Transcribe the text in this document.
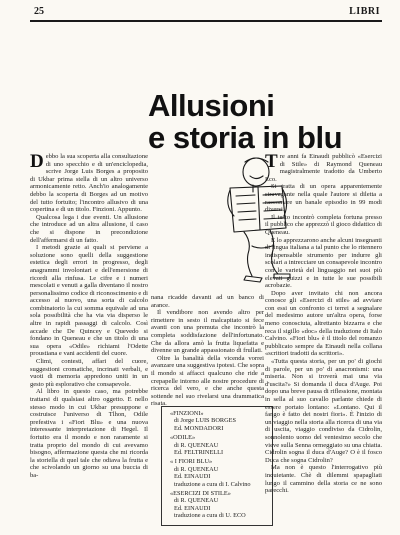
25	LIBRI
Allusioni
e storia in blu

Debbo la sua scoperta alla consultazione di uno specchio e di un'enciclopedia, scrive Jorge Luis Borges a proposito di Ukbar prima stella di un altro universo armonicamente retto. Anch'io analogamente debbo la scoperta di Borges ad un motivo del tutto fortuito; l'incontro allusivo di una copertina e di un titolo. Finzioni. Appunto.

Qualcosa lega i due eventi. Un allusione che introduce ad un altra allusione, il caso che si dispone in precondizione dell'affermarsi di un fatto.

I metodi grazie ai quali si perviene a soluzione sono quelli della suggestione estetica degli errori in progresso, degli anagrammi involontari e dell'emersione di ricordi alla rinfusa. Le cifre e i numeri mescolati e venuti a galla diventano il nostro personalissimo codice di riconoscimento e di accesso al nuovo, una sorta di calcolo combinatorio la cui somma equivale ad una sola possibilità che ha via via disperso le altre in rapidi passaggi di calcolo. Così accade che De Quincey e Quevedo si fondano in Queneau e che un titolo di una sua opera «Odile» richiami l'Odette proustiana e vani accidenti del cuore.

Climi, contesti, affari del cuore, suggestioni cromatiche, incrinati verbali, e vuoti di memoria appredono uniti in un gesto più esplorativo che consapevole.

Al libro in questo caso, ma potrebbe trattarsi di qualsiasi altro oggetto. E nello stesso modo in cui Ukbar presuppone e costruisce l'universo di Tlhon, Odile prefestiva i «Fiori Blu» e una nuova interessante interpretazione di Hegel. Il fortuito era il mondo e non raramente si tratta proprio del mondo di cui avevamo bisogno, affermazione questa che mi ricorda la storiella di quel tale che odiava la frutta e che scivolando un giorno su una buccia di ba-

nana ricadde davanti ad un banco di arance.

Il vendibore non avendo altro per rimettere in sesto il malcapitato si fece avanti con una premuta che incontrò la completa soddisfazione dell'infortunato. Che da allora amò la frutta liquefatta e divenne un grande appassionato di frullati.

Oltre la banalità della vicenda vorrei avanzare una suggestiva ipotesi. Che sopra il mondo si affacci qualcuno che ride a crepapelle intorno alle nostre procedure di ricerca del vero, e che anche questa sottende nel suo rivelarsi una drammatica risata.

«FINZIONI»
di Jorge LUIS BORGES
Ed. MONDADORI
«ODILE»
di R. QUENEAU
Ed. FELTRINELLI
« I FIORI BLU»
di R. QUENEAU
Ed. EINAUDI
traduzione a cura di I. Calvino
«ESERCIZI DI STILE»
di R. QUENEAU
Ed. EINAUDI
traduzione a cura di U. ECO

Tre anni fa Einaudi pubblicò «Esercizi di Stile» di Raymond Queneau magistralmente tradotto da Umberto Eco.

Si tratta di un opera apparentemente stravagante nella quale l'autore si diletta a raccontare un banale episodio in 99 modi diversi.

Il testo incontrò completa fortuna presso il pubblico che apprezzò il gioco didattico di Queneau.

E lo apprezzarono anche alcuni insegnanti di lingua italiana a tal punto che lo ritennero indispensabile strumento per indurre gli scolari a intrecciare un consapevole incontro con le varietà del linguaggio nei suoi più elevati guizzi e in tutte le sue possibili acrobazie.

Dopo aver invitato chi non ancora conosce gli «Esercizi di stile» ad avviare con essi un confronto ci terrei a segnalare del medesimo autore un'altra opera, forse meno conosciuta, altrettanto bizzarra e che reca il sigillo «doc» della traduzione di Italo Calvino. «Fiori blu» è il titolo del romanzo pubblicato sempre da Einaudi nella collana «scrittori tradotti da scrittori».

«Tutta questa storia, per un po' di giochi di parole, per un po' di anacronismi: una miseria. Non si troverà mai una via d'uscita?» Si domanda il duca d'Auge. Poi dopo una breve pausa di riflessione, montata in sella al suo cavallo parlante chiede di essere portato lontano: «Lontano. Qui il fango è fatto dei nostri fiori». È l'inizio di un viaggio nella storia alla ricerca di una via di uscita, viaggio condiviso da Cidrolin, sonnolento uomo del ventesimo secolo che vieve sulla Senna ormeggiato su una chiatta. Cidrolin sogna il duca d'Auge? O è il fosco Duca che sogna Cidrolin?

Ma non è questo l'interrogativo più inquietante. Chè di dilemmi spapagliati lungo il cammino della storia ce ne sono parecchi.
